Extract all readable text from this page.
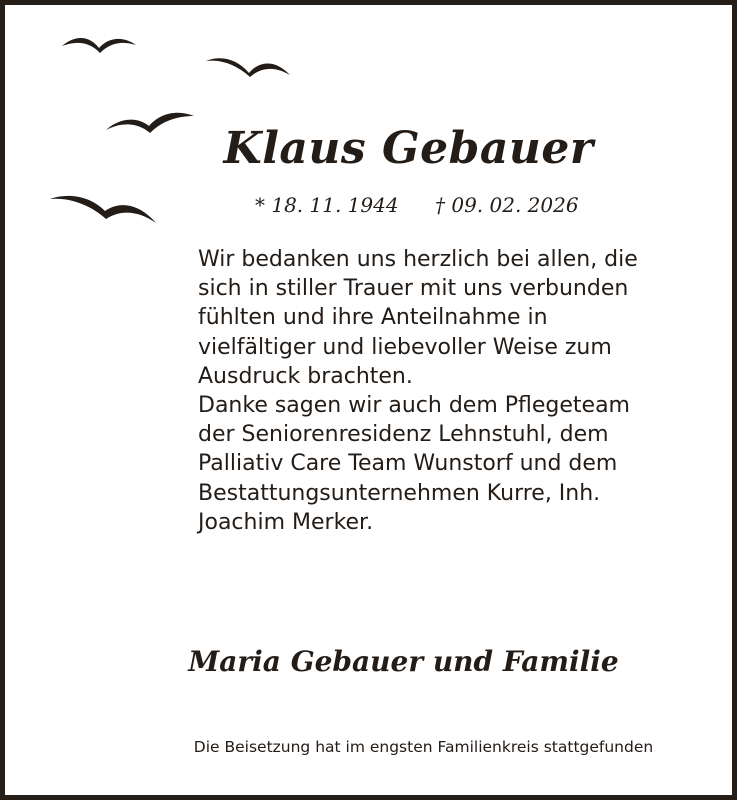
Klaus Gebauer
* 18. 11. 1944 † 09. 02. 2026

Wir bedanken uns herzlich bei allen, die sich in stiller Trauer mit uns verbunden fühlten und ihre Anteilnahme in vielfältiger und liebevoller Weise zum Ausdruck brachten.

Danke sagen wir auch dem Pflegeteam der Seniorenresidenz Lehnstuhl, dem Palliativ Care Team Wunstorf und dem Bestattungsunternehmen Kurre, Inh. Joachim Merker.

Maria Gebauer und Familie
Die Beisetzung hat im engsten Familienkreis stattgefunden
